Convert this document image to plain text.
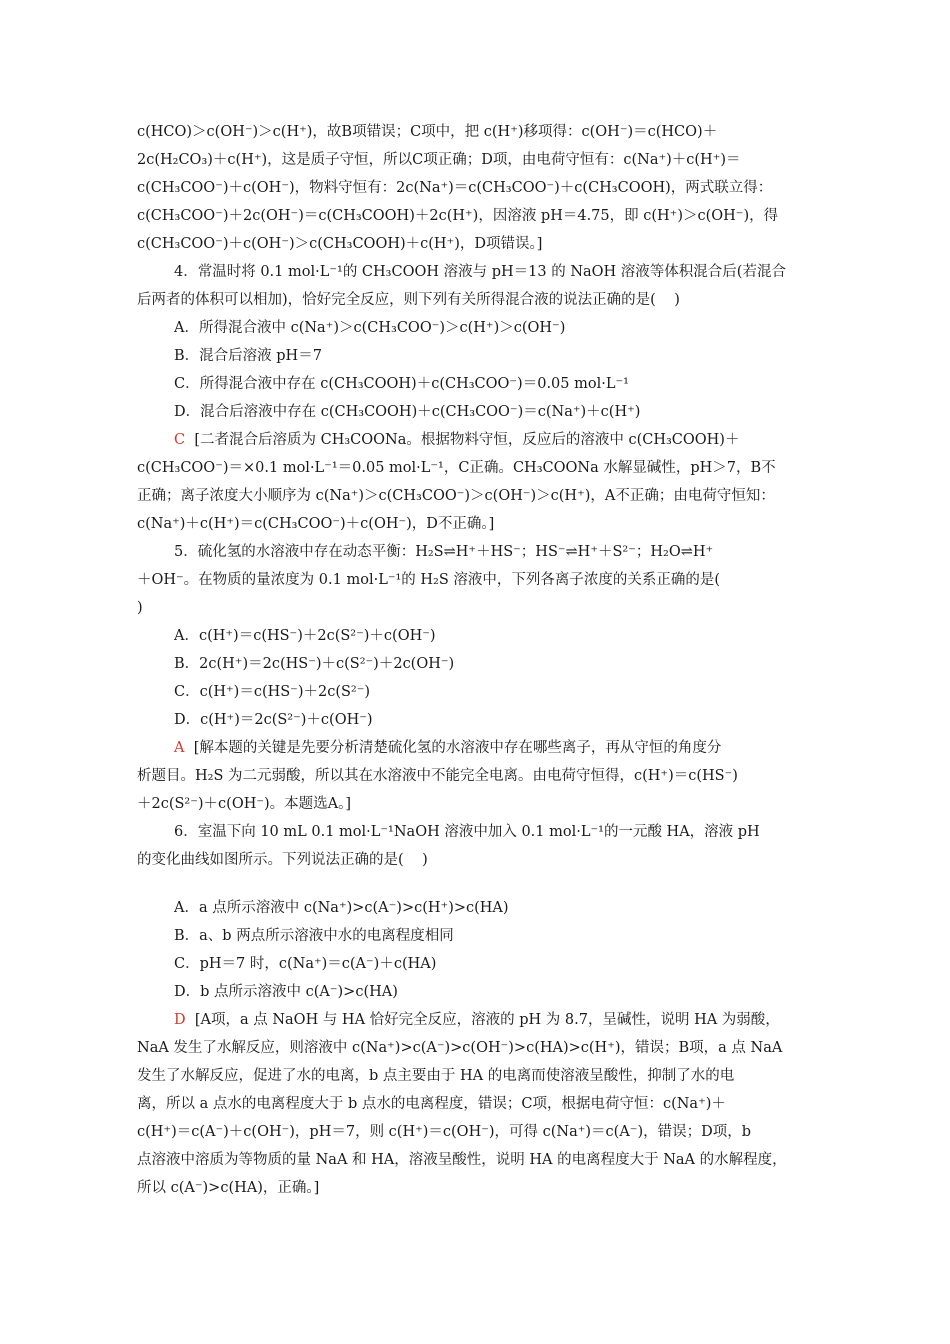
c(HCO)＞c(OH⁻)＞c(H⁺)，故B项错误；C项中，把 c(H⁺)移项得：c(OH⁻)＝c(HCO)＋
2c(H₂CO₃)＋c(H⁺)，这是质子守恒，所以C项正确；D项，由电荷守恒有：c(Na⁺)＋c(H⁺)＝
c(CH₃COO⁻)＋c(OH⁻)，物料守恒有：2c(Na⁺)＝c(CH₃COO⁻)＋c(CH₃COOH)，两式联立得：
c(CH₃COO⁻)＋2c(OH⁻)＝c(CH₃COOH)＋2c(H⁺)，因溶液 pH＝4.75，即 c(H⁺)＞c(OH⁻)，得
c(CH₃COO⁻)＋c(OH⁻)＞c(CH₃COOH)＋c(H⁺)，D项错误。]
4．常温时将 0.1 mol·L⁻¹的 CH₃COOH 溶液与 pH＝13 的 NaOH 溶液等体积混合后(若混合
后两者的体积可以相加)，恰好完全反应，则下列有关所得混合液的说法正确的是(    )
A．所得混合液中 c(Na⁺)＞c(CH₃COO⁻)＞c(H⁺)＞c(OH⁻)
B．混合后溶液 pH＝7
C．所得混合液中存在 c(CH₃COOH)＋c(CH₃COO⁻)＝0.05 mol·L⁻¹
D．混合后溶液中存在 c(CH₃COOH)＋c(CH₃COO⁻)＝c(Na⁺)＋c(H⁺)
C  [二者混合后溶质为 CH₃COONa。根据物料守恒，反应后的溶液中 c(CH₃COOH)＋
c(CH₃COO⁻)＝×0.1 mol·L⁻¹＝0.05 mol·L⁻¹，C正确。CH₃COONa 水解显碱性，pH＞7，B不
正确；离子浓度大小顺序为 c(Na⁺)＞c(CH₃COO⁻)＞c(OH⁻)＞c(H⁺)，A不正确；由电荷守恒知：
c(Na⁺)＋c(H⁺)＝c(CH₃COO⁻)＋c(OH⁻)，D不正确。]
5．硫化氢的水溶液中存在动态平衡：H₂S⇌H⁺＋HS⁻；HS⁻⇌H⁺＋S²⁻；H₂O⇌H⁺
＋OH⁻。在物质的量浓度为 0.1 mol·L⁻¹的 H₂S 溶液中，下列各离子浓度的关系正确的是(
)
A．c(H⁺)＝c(HS⁻)＋2c(S²⁻)＋c(OH⁻)
B．2c(H⁺)＝2c(HS⁻)＋c(S²⁻)＋2c(OH⁻)
C．c(H⁺)＝c(HS⁻)＋2c(S²⁻)
D．c(H⁺)＝2c(S²⁻)＋c(OH⁻)
A  [解本题的关键是先要分析清楚硫化氢的水溶液中存在哪些离子，再从守恒的角度分
析题目。H₂S 为二元弱酸，所以其在水溶液中不能完全电离。由电荷守恒得，c(H⁺)＝c(HS⁻)
＋2c(S²⁻)＋c(OH⁻)。本题选A。]
6．室温下向 10 mL 0.1 mol·L⁻¹NaOH 溶液中加入 0.1 mol·L⁻¹的一元酸 HA，溶液 pH
的变化曲线如图所示。下列说法正确的是(    )
A．a 点所示溶液中 c(Na⁺)>c(A⁻)>c(H⁺)>c(HA)
B．a、b 两点所示溶液中水的电离程度相同
C．pH＝7 时，c(Na⁺)＝c(A⁻)＋c(HA)
D．b 点所示溶液中 c(A⁻)>c(HA)
D  [A项，a 点 NaOH 与 HA 恰好完全反应，溶液的 pH 为 8.7，呈碱性，说明 HA 为弱酸，
NaA 发生了水解反应，则溶液中 c(Na⁺)>c(A⁻)>c(OH⁻)>c(HA)>c(H⁺)，错误；B项，a 点 NaA
发生了水解反应，促进了水的电离，b 点主要由于 HA 的电离而使溶液呈酸性，抑制了水的电
离，所以 a 点水的电离程度大于 b 点水的电离程度，错误；C项，根据电荷守恒：c(Na⁺)＋
c(H⁺)＝c(A⁻)＋c(OH⁻)，pH＝7，则 c(H⁺)＝c(OH⁻)，可得 c(Na⁺)＝c(A⁻)，错误；D项，b
点溶液中溶质为等物质的量 NaA 和 HA，溶液呈酸性，说明 HA 的电离程度大于 NaA 的水解程度，
所以 c(A⁻)>c(HA)，正确。]
